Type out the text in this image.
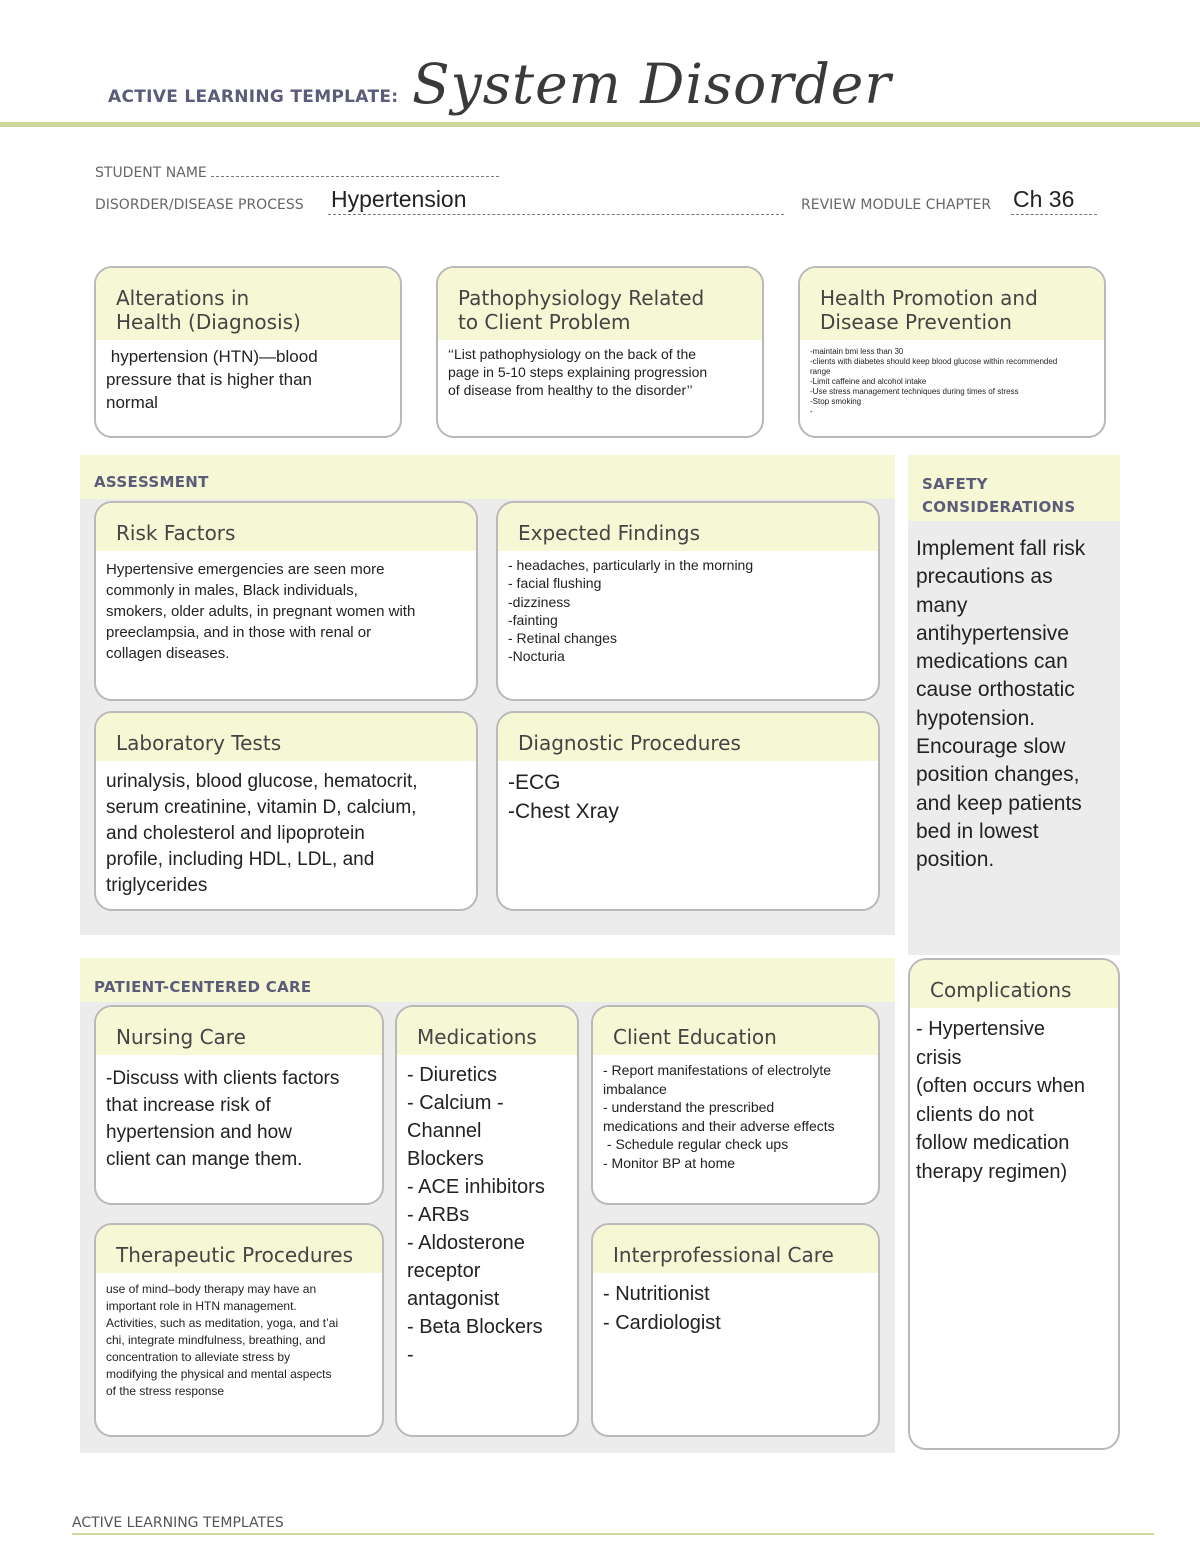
ACTIVE LEARNING TEMPLATE: System Disorder
STUDENT NAME
DISORDER/DISEASE PROCESS Hypertension	REVIEW MODULE CHAPTER Ch 36
Alterations in
Health (Diagnosis)
hypertension (HTN)—blood
pressure that is higher than
normal
Pathophysiology Related
to Client Problem
‘‘List pathophysiology on the back of the
page in 5-10 steps explaining progression
of disease from healthy to the disorder’’
Health Promotion and
Disease Prevention
-maintain bmi less than 30
-clients with diabetes should keep blood glucose within recommended
range
-Limit caffeine and alcohol intake
-Use stress management techniques during times of stress
-Stop smoking
-
ASSESSMENT
Risk Factors
Hypertensive emergencies are seen more
commonly in males, Black individuals,
smokers, older adults, in pregnant women with
preeclampsia, and in those with renal or
collagen diseases.
Expected Findings
- headaches, particularly in the morning
- facial flushing
-dizziness
-fainting
- Retinal changes
-Nocturia
Laboratory Tests
urinalysis, blood glucose, hematocrit,
serum creatinine, vitamin D, calcium,
and cholesterol and lipoprotein
profile, including HDL, LDL, and
triglycerides
Diagnostic Procedures
-ECG
-Chest Xray
SAFETY
CONSIDERATIONS
Implement fall risk
precautions as
many
antihypertensive
medications can
cause orthostatic
hypotension.
Encourage slow
position changes,
and keep patients
bed in lowest
position.
PATIENT-CENTERED CARE
Nursing Care
-Discuss with clients factors
that increase risk of
hypertension and how
client can mange them.
Medications
- Diuretics
- Calcium -
Channel
Blockers
- ACE inhibitors
- ARBs
- Aldosterone
receptor
antagonist
- Beta Blockers
-
Client Education
- Report manifestations of electrolyte
imbalance
- understand the prescribed
medications and their adverse effects
- Schedule regular check ups
- Monitor BP at home
Therapeutic Procedures
use of mind–body therapy may have an
important role in HTN management.
Activities, such as meditation, yoga, and t’ai
chi, integrate mindfulness, breathing, and
concentration to alleviate stress by
modifying the physical and mental aspects
of the stress response
Interprofessional Care
- Nutritionist
- Cardiologist
Complications
- Hypertensive
crisis
(often occurs when
clients do not
follow medication
therapy regimen)
ACTIVE LEARNING TEMPLATES
